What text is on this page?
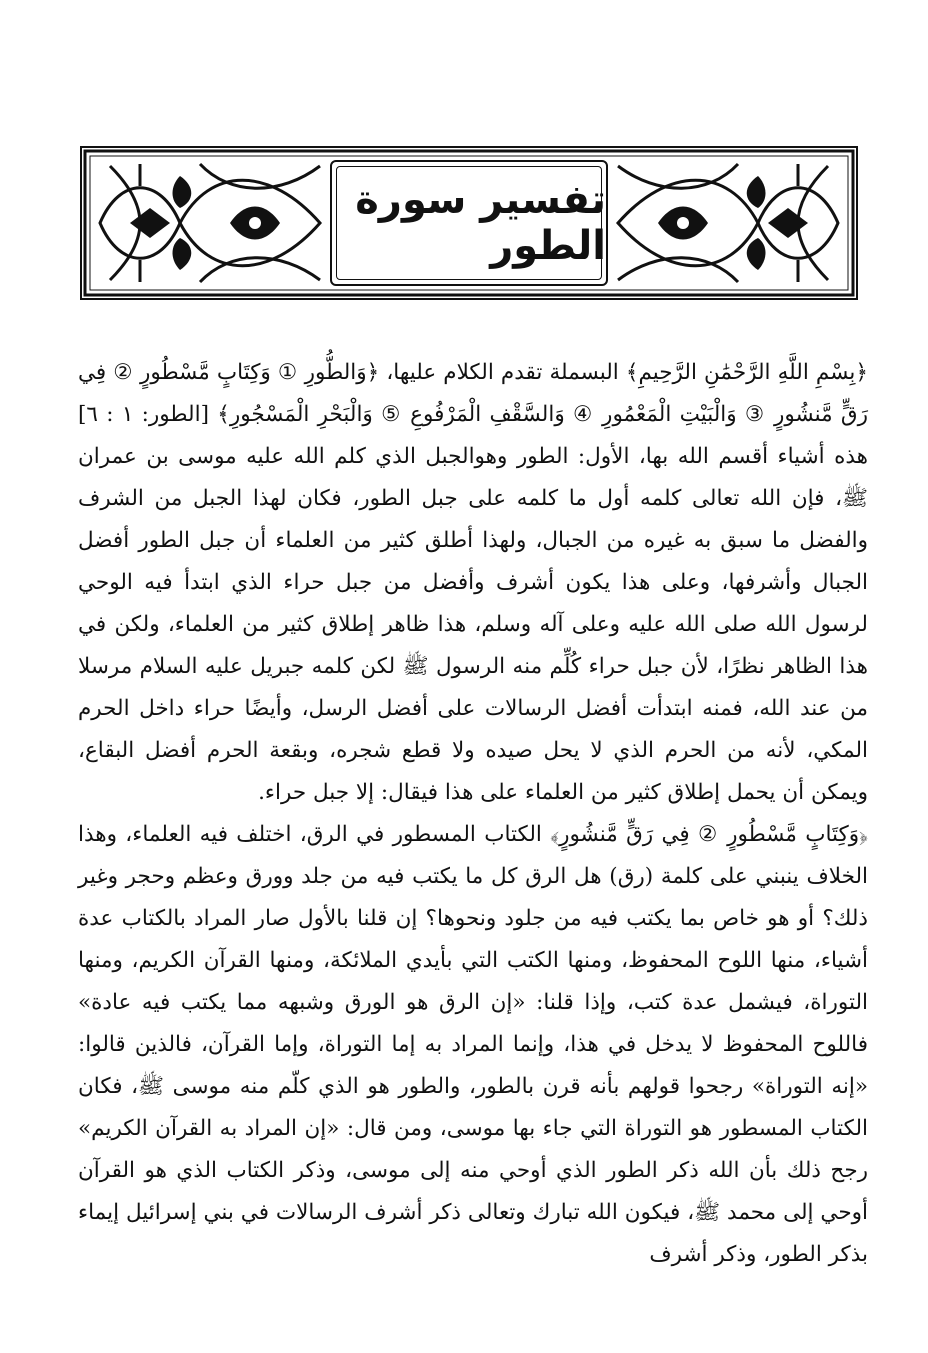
تفسير سورة الطور

﴿بِسْمِ اللَّهِ الرَّحْمَٰنِ الرَّحِيمِ﴾ البسملة تقدم الكلام عليها، ﴿وَالطُّورِ ① وَكِتَابٍ مَّسْطُورٍ ② فِي رَقٍّ مَّنشُورٍ ③ وَالْبَيْتِ الْمَعْمُورِ ④ وَالسَّقْفِ الْمَرْفُوعِ ⑤ وَالْبَحْرِ الْمَسْجُورِ﴾ [الطور: ١ : ٦] هذه أشياء أقسم الله بها، الأول: الطور وهوالجبل الذي كلم الله عليه موسى بن عمران ﷺ، فإن الله تعالى كلمه أول ما كلمه على جبل الطور، فكان لهذا الجبل من الشرف والفضل ما سبق به غيره من الجبال، ولهذا أطلق كثير من العلماء أن جبل الطور أفضل الجبال وأشرفها، وعلى هذا يكون أشرف وأفضل من جبل حراء الذي ابتدأ فيه الوحي لرسول الله صلى الله عليه وعلى آله وسلم، هذا ظاهر إطلاق كثير من العلماء، ولكن في هذا الظاهر نظرًا، لأن جبل حراء كُلِّم منه الرسول ﷺ لكن كلمه جبريل عليه السلام مرسلا من عند الله، فمنه ابتدأت أفضل الرسالات على أفضل الرسل، وأيضًا حراء داخل الحرم المكي، لأنه من الحرم الذي لا يحل صيده ولا قطع شجره، وبقعة الحرم أفضل البقاع، ويمكن أن يحمل إطلاق كثير من العلماء على هذا فيقال: إلا جبل حراء.

﴿وَكِتَابٍ مَّسْطُورٍ ② فِي رَقٍّ مَّنشُورٍ﴾ الكتاب المسطور في الرق، اختلف فيه العلماء، وهذا الخلاف ينبني على كلمة (رق) هل الرق كل ما يكتب فيه من جلد وورق وعظم وحجر وغير ذلك؟ أو هو خاص بما يكتب فيه من جلود ونحوها؟ إن قلنا بالأول صار المراد بالكتاب عدة أشياء، منها اللوح المحفوظ، ومنها الكتب التي بأيدي الملائكة، ومنها القرآن الكريم، ومنها التوراة، فيشمل عدة كتب، وإذا قلنا: «إن الرق هو الورق وشبهه مما يكتب فيه عادة» فاللوح المحفوظ لا يدخل في هذا، وإنما المراد به إما التوراة، وإما القرآن، فالذين قالوا: «إنه التوراة» رجحوا قولهم بأنه قرن بالطور، والطور هو الذي كلّم منه موسى ﷺ، فكان الكتاب المسطور هو التوراة التي جاء بها موسى، ومن قال: «إن المراد به القرآن الكريم» رجح ذلك بأن الله ذكر الطور الذي أوحي منه إلى موسى، وذكر الكتاب الذي هو القرآن أوحي إلى محمد ﷺ، فيكون الله تبارك وتعالى ذكر أشرف الرسالات في بني إسرائيل إيماء بذكر الطور، وذكر أشرف
